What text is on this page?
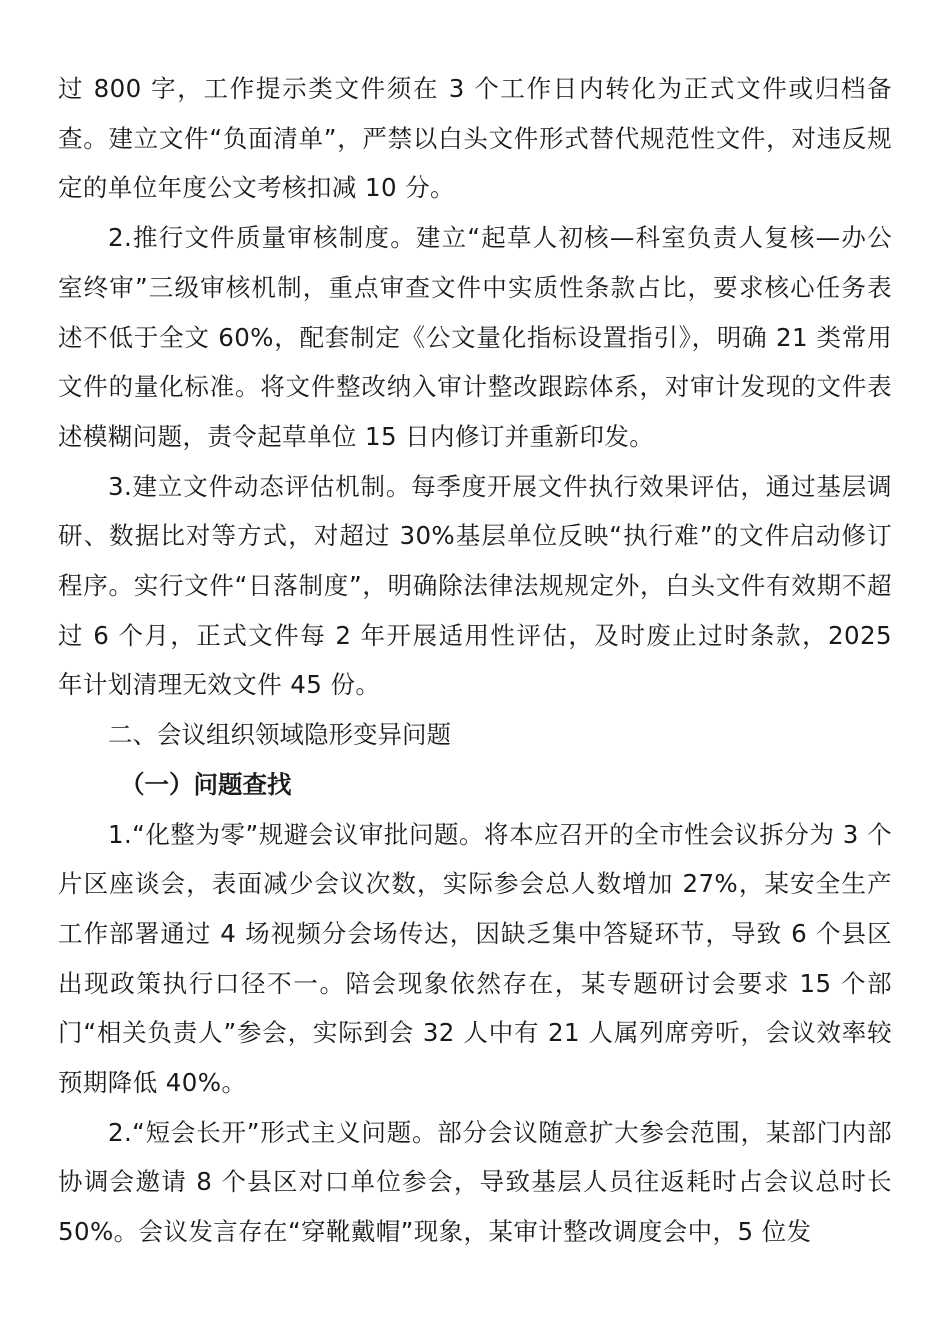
过 800 字，工作提示类文件须在 3 个工作日内转化为正式文件或归档备查。建立文件“负面清单”，严禁以白头文件形式替代规范性文件，对违反规定的单位年度公文考核扣减 10 分。

2.推行文件质量审核制度。建立“起草人初核—科室负责人复核—办公室终审”三级审核机制，重点审查文件中实质性条款占比，要求核心任务表述不低于全文 60%，配套制定《公文量化指标设置指引》，明确 21 类常用文件的量化标准。将文件整改纳入审计整改跟踪体系，对审计发现的文件表述模糊问题，责令起草单位 15 日内修订并重新印发。

3.建立文件动态评估机制。每季度开展文件执行效果评估，通过基层调研、数据比对等方式，对超过 30%基层单位反映“执行难”的文件启动修订程序。实行文件“日落制度”，明确除法律法规规定外，白头文件有效期不超过 6 个月，正式文件每 2 年开展适用性评估，及时废止过时条款，2025 年计划清理无效文件 45 份。

二、会议组织领域隐形变异问题

（一）问题查找

1.“化整为零”规避会议审批问题。将本应召开的全市性会议拆分为 3 个片区座谈会，表面减少会议次数，实际参会总人数增加 27%，某安全生产工作部署通过 4 场视频分会场传达，因缺乏集中答疑环节，导致 6 个县区出现政策执行口径不一。陪会现象依然存在，某专题研讨会要求 15 个部门“相关负责人”参会，实际到会 32 人中有 21 人属列席旁听，会议效率较预期降低 40%。

2.“短会长开”形式主义问题。部分会议随意扩大参会范围，某部门内部协调会邀请 8 个县区对口单位参会，导致基层人员往返耗时占会议总时长 50%。会议发言存在“穿靴戴帽”现象，某审计整改调度会中，5 位发
